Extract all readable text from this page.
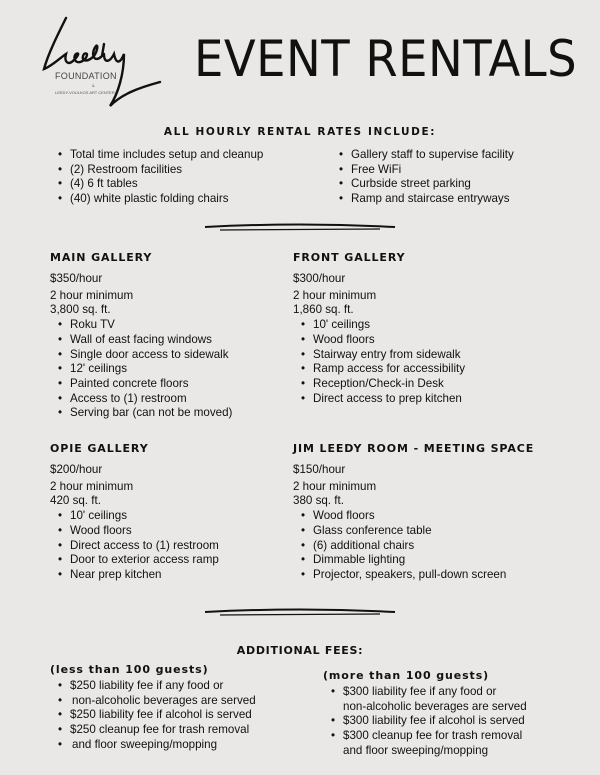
FOUNDATION
&
LEEDY-VOULKOS ART CENTER
EVENT RENTALS
ALL HOURLY RENTAL RATES INCLUDE:
• Total time includes setup and cleanup
• (2) Restroom facilities
• (4) 6 ft tables
• (40) white plastic folding chairs
• Gallery staff to supervise facility
• Free WiFi
• Curbside street parking
• Ramp and staircase entryways
MAIN GALLERY
$350/hour
2 hour minimum
3,800 sq. ft.
• Roku TV
• Wall of east facing windows
• Single door access to sidewalk
• 12' ceilings
• Painted concrete floors
• Access to (1) restroom
• Serving bar (can not be moved)
FRONT GALLERY
$300/hour
2 hour minimum
1,860 sq. ft.
• 10' ceilings
• Wood floors
• Stairway entry from sidewalk
• Ramp access for accessibility
• Reception/Check-in Desk
• Direct access to prep kitchen
OPIE GALLERY
$200/hour
2 hour minimum
420 sq. ft.
• 10' ceilings
• Wood floors
• Direct access to (1) restroom
• Door to exterior access ramp
• Near prep kitchen
JIM LEEDY ROOM - MEETING SPACE
$150/hour
2 hour minimum
380 sq. ft.
• Wood floors
• Glass conference table
• (6) additional chairs
• Dimmable lighting
• Projector, speakers, pull-down screen
ADDITIONAL FEES:
(less than 100 guests)
• $250 liability fee if any food or
• non-alcoholic beverages are served
• $250 liability fee if alcohol is served
• $250 cleanup fee for trash removal
• and floor sweeping/mopping
(more than 100 guests)
• $300 liability fee if any food or
non-alcoholic beverages are served
• $300 liability fee if alcohol is served
• $300 cleanup fee for trash removal
and floor sweeping/mopping
